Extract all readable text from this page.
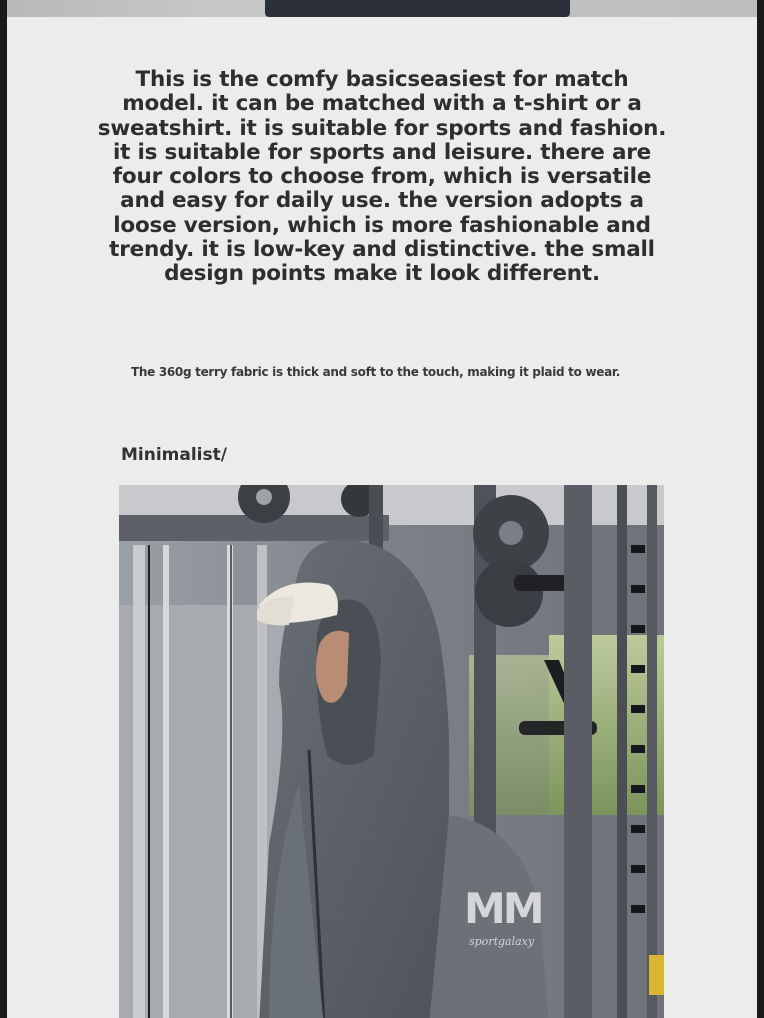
This is the comfy basicseasiest for match model. it can be matched with a t-shirt or a sweatshirt. it is suitable for sports and fashion. it is suitable for sports and leisure. there are four colors to choose from, which is versatile and easy for daily use. the version adopts a loose version, which is more fashionable and trendy. it is low-key and distinctive. the small design points make it look different.

The 360g terry fabric is thick and soft to the touch, making it plaid to wear.

Minimalist/
MM
sportgalaxy
